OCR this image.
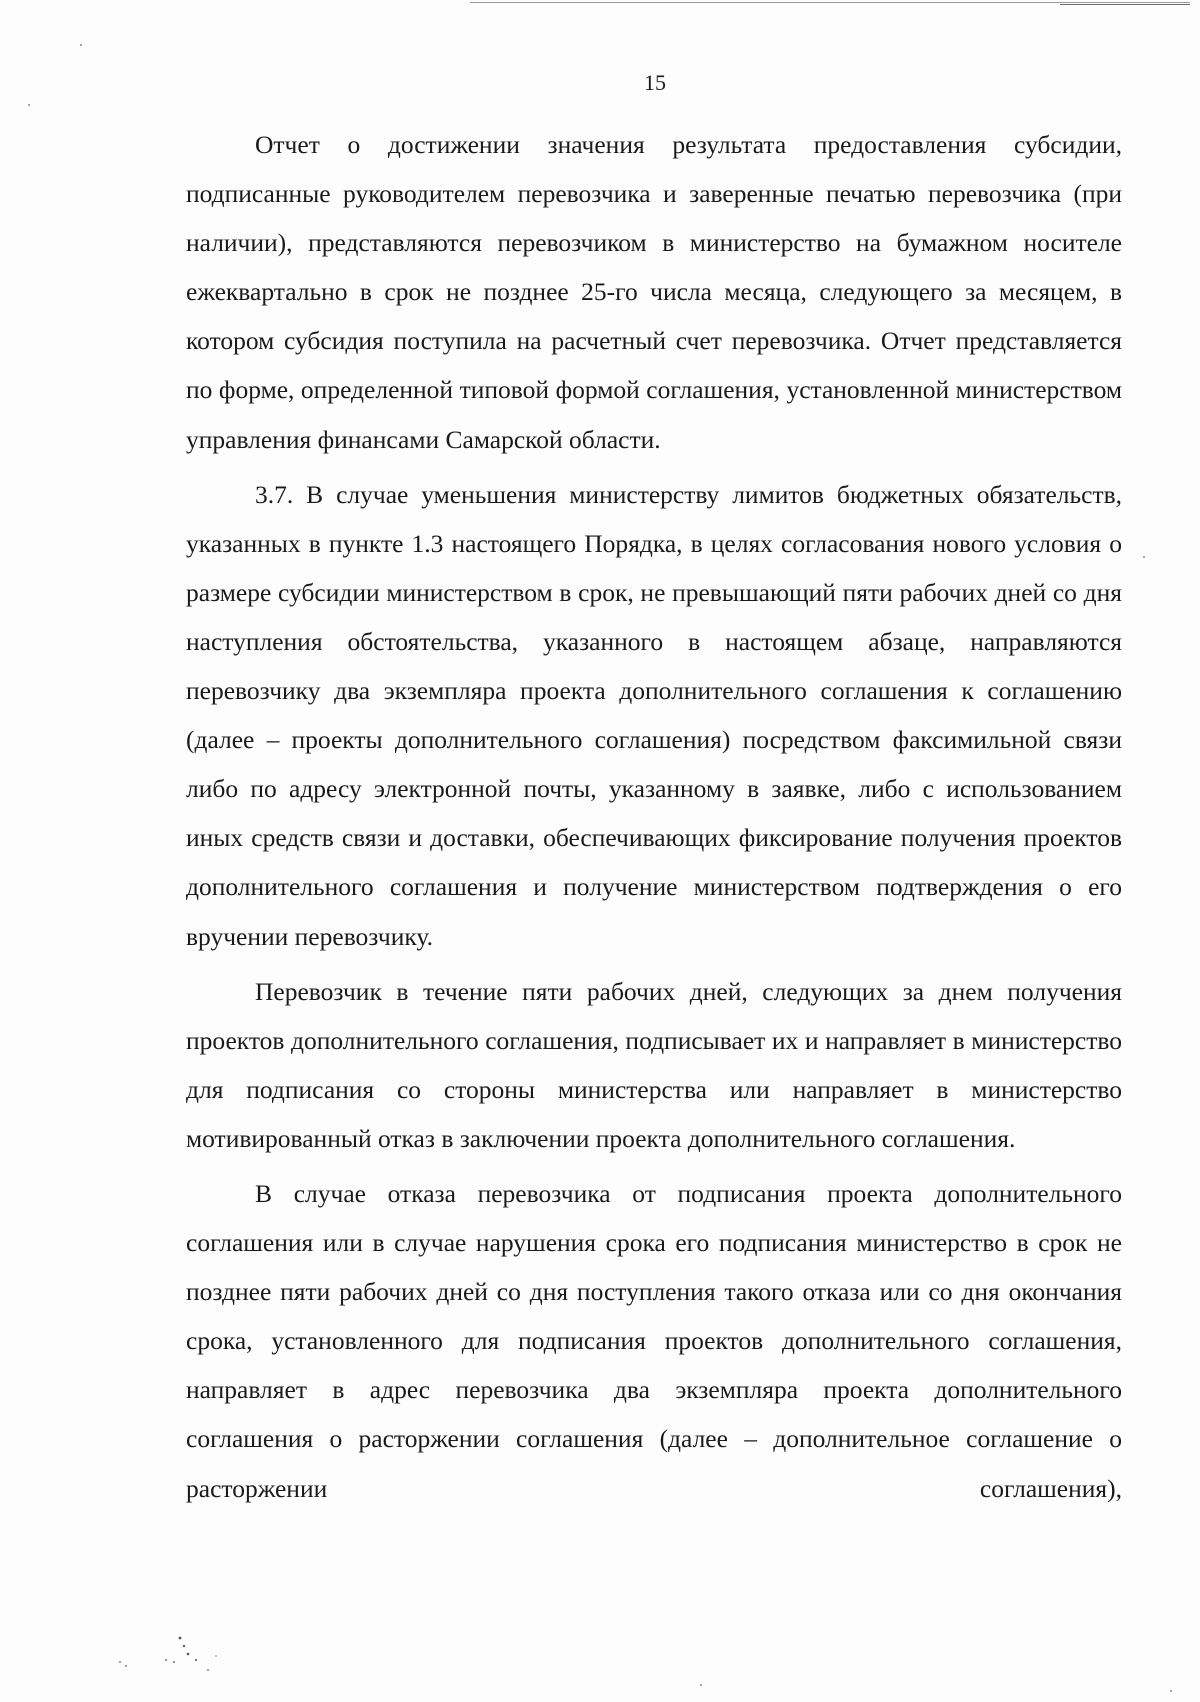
15

Отчет о достижении значения результата предоставления субсидии, подписанные руководителем перевозчика и заверенные печатью перевозчика (при наличии), представляются перевозчиком в министерство на бумажном носителе ежеквартально в срок не позднее 25-го числа месяца, следующего за месяцем, в котором субсидия поступила на расчетный счет перевозчика. Отчет представляется по форме, определенной типовой формой соглашения, установленной министерством управления финансами Самарской области.

3.7. В случае уменьшения министерству лимитов бюджетных обязательств, указанных в пункте 1.3 настоящего Порядка, в целях согласования нового условия о размере субсидии министерством в срок, не превышающий пяти рабочих дней со дня наступления обстоятельства, указанного в настоящем абзаце, направляются перевозчику два экземпляра проекта дополнительного соглашения к соглашению (далее – проекты дополнительного соглашения) посредством факсимильной связи либо по адресу электронной почты, указанному в заявке, либо с использованием иных средств связи и доставки, обеспечивающих фиксирование получения проектов дополнительного соглашения и получение министерством подтверждения о его вручении перевозчику.

Перевозчик в течение пяти рабочих дней, следующих за днем получения проектов дополнительного соглашения, подписывает их и направляет в министерство для подписания со стороны министерства или направляет в министерство мотивированный отказ в заключении проекта дополнительного соглашения.

В случае отказа перевозчика от подписания проекта дополнительного соглашения или в случае нарушения срока его подписания министерство в срок не позднее пяти рабочих дней со дня поступления такого отказа или со дня окончания срока, установленного для подписания проектов дополнительного соглашения, направляет в адрес перевозчика два экземпляра проекта дополнительного соглашения о расторжении соглашения (далее – дополнительное соглашение о расторжении соглашения),
